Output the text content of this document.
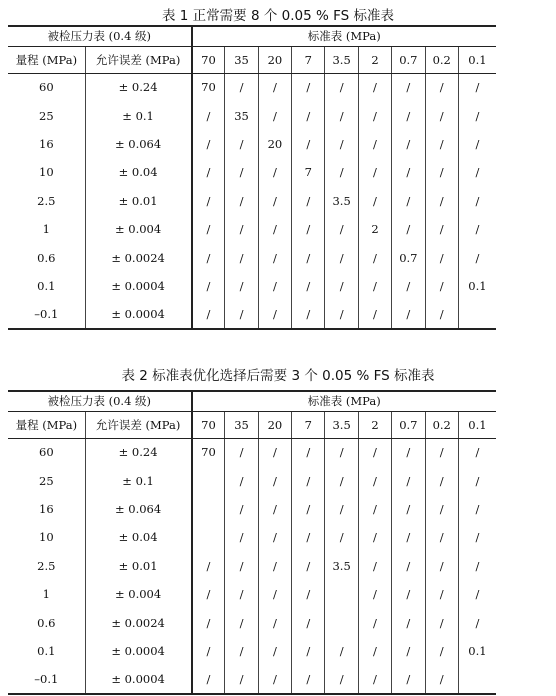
表 1 正常需要 8 个 0.05 % FS 标准表
被检压力表 (0.4 级)		标准表 (MPa)								
量程 (MPa)	允许误差 (MPa)	70	35	20	7	3.5	2	0.7	0.2	0.1
60	± 0.24	70	/	/	/	/	/	/	/	/
25	± 0.1	/	35	/	/	/	/	/	/	/
16	± 0.064	/	/	20	/	/	/	/	/	/
10	± 0.04	/	/	/	7	/	/	/	/	/
2.5	± 0.01	/	/	/	/	3.5	/	/	/	/
1	± 0.004	/	/	/	/	/	2	/	/	/
0.6	± 0.0024	/	/	/	/	/	/	0.7	/	/
0.1	± 0.0004	/	/	/	/	/	/	/	/	0.1
–0.1	± 0.0004	/	/	/	/	/	/	/	/	
表 2 标准表优化选择后需要 3 个 0.05 % FS 标准表
被检压力表 (0.4 级)		标准表 (MPa)								
量程 (MPa)	允许误差 (MPa)	70	35	20	7	3.5	2	0.7	0.2	0.1
60	± 0.24	70	/	/	/	/	/	/	/	/
25	± 0.1		/	/	/	/	/	/	/	/
16	± 0.064		/	/	/	/	/	/	/	/
10	± 0.04		/	/	/	/	/	/	/	/
2.5	± 0.01	/	/	/	/	3.5	/	/	/	/
1	± 0.004	/	/	/	/		/	/	/	/
0.6	± 0.0024	/	/	/	/		/	/	/	/
0.1	± 0.0004	/	/	/	/	/	/	/	/	0.1
–0.1	± 0.0004	/	/	/	/	/	/	/	/	
